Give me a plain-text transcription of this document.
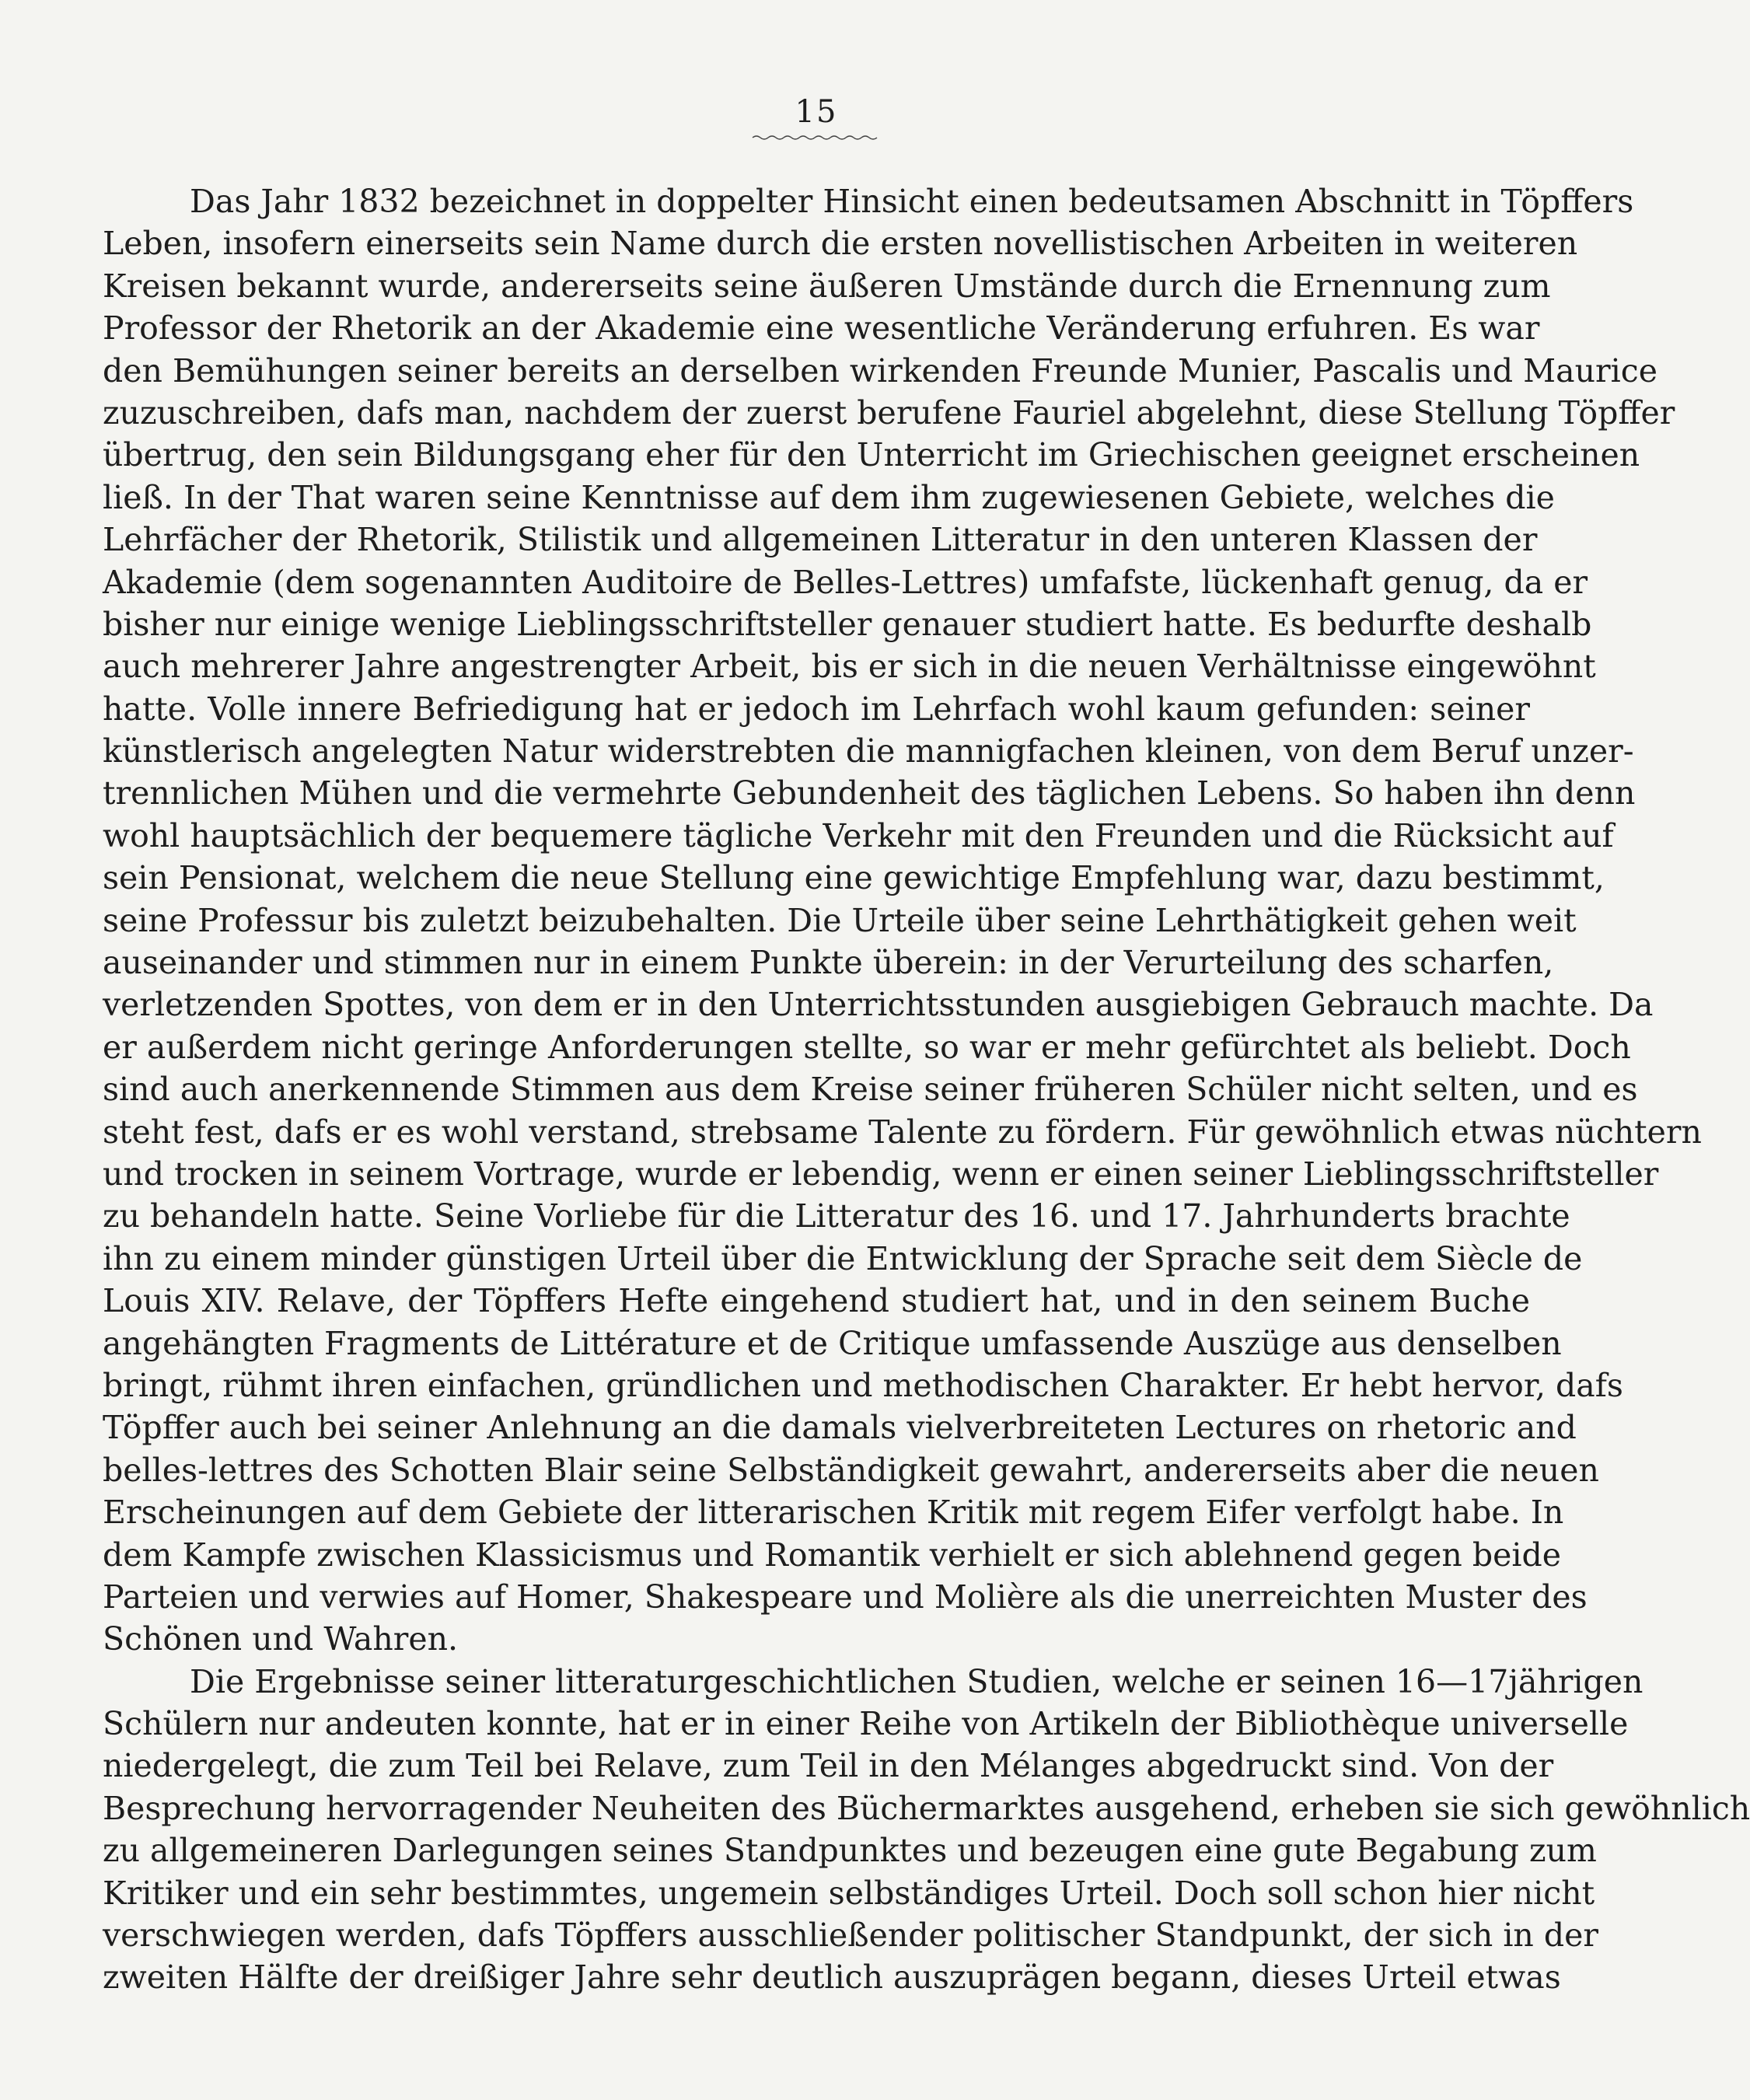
15
Das Jahr 1832 bezeichnet in doppelter Hinsicht einen bedeutsamen Abschnitt in Töpffers
Leben, insofern einerseits sein Name durch die ersten novellistischen Arbeiten in weiteren
Kreisen bekannt wurde, andererseits seine äußeren Umstände durch die Ernennung zum
Professor der Rhetorik an der Akademie eine wesentliche Veränderung erfuhren. Es war
den Bemühungen seiner bereits an derselben wirkenden Freunde Munier, Pascalis und Maurice
zuzuschreiben, dafs man, nachdem der zuerst berufene Fauriel abgelehnt, diese Stellung Töpffer
übertrug, den sein Bildungsgang eher für den Unterricht im Griechischen geeignet erscheinen
ließ. In der That waren seine Kenntnisse auf dem ihm zugewiesenen Gebiete, welches die
Lehrfächer der Rhetorik, Stilistik und allgemeinen Litteratur in den unteren Klassen der
Akademie (dem sogenannten Auditoire de Belles-Lettres) umfafste, lückenhaft genug, da er
bisher nur einige wenige Lieblingsschriftsteller genauer studiert hatte. Es bedurfte deshalb
auch mehrerer Jahre angestrengter Arbeit, bis er sich in die neuen Verhältnisse eingewöhnt
hatte. Volle innere Befriedigung hat er jedoch im Lehrfach wohl kaum gefunden: seiner
künstlerisch angelegten Natur widerstrebten die mannigfachen kleinen, von dem Beruf unzer-
trennlichen Mühen und die vermehrte Gebundenheit des täglichen Lebens. So haben ihn denn
wohl hauptsächlich der bequemere tägliche Verkehr mit den Freunden und die Rücksicht auf
sein Pensionat, welchem die neue Stellung eine gewichtige Empfehlung war, dazu bestimmt,
seine Professur bis zuletzt beizubehalten. Die Urteile über seine Lehrthätigkeit gehen weit
auseinander und stimmen nur in einem Punkte überein: in der Verurteilung des scharfen,
verletzenden Spottes, von dem er in den Unterrichtsstunden ausgiebigen Gebrauch machte. Da
er außerdem nicht geringe Anforderungen stellte, so war er mehr gefürchtet als beliebt. Doch
sind auch anerkennende Stimmen aus dem Kreise seiner früheren Schüler nicht selten, und es
steht fest, dafs er es wohl verstand, strebsame Talente zu fördern. Für gewöhnlich etwas nüchtern
und trocken in seinem Vortrage, wurde er lebendig, wenn er einen seiner Lieblingsschriftsteller
zu behandeln hatte. Seine Vorliebe für die Litteratur des 16. und 17. Jahrhunderts brachte
ihn zu einem minder günstigen Urteil über die Entwicklung der Sprache seit dem Siècle de
Louis XIV. Relave, der Töpffers Hefte eingehend studiert hat, und in den seinem Buche
angehängten Fragments de Littérature et de Critique umfassende Auszüge aus denselben
bringt, rühmt ihren einfachen, gründlichen und methodischen Charakter. Er hebt hervor, dafs
Töpffer auch bei seiner Anlehnung an die damals vielverbreiteten Lectures on rhetoric and
belles-lettres des Schotten Blair seine Selbständigkeit gewahrt, andererseits aber die neuen
Erscheinungen auf dem Gebiete der litterarischen Kritik mit regem Eifer verfolgt habe. In
dem Kampfe zwischen Klassicismus und Romantik verhielt er sich ablehnend gegen beide
Parteien und verwies auf Homer, Shakespeare und Molière als die unerreichten Muster des
Schönen und Wahren.
Die Ergebnisse seiner litteraturgeschichtlichen Studien, welche er seinen 16—17jährigen
Schülern nur andeuten konnte, hat er in einer Reihe von Artikeln der Bibliothèque universelle
niedergelegt, die zum Teil bei Relave, zum Teil in den Mélanges abgedruckt sind. Von der
Besprechung hervorragender Neuheiten des Büchermarktes ausgehend, erheben sie sich gewöhnlich
zu allgemeineren Darlegungen seines Standpunktes und bezeugen eine gute Begabung zum
Kritiker und ein sehr bestimmtes, ungemein selbständiges Urteil. Doch soll schon hier nicht
verschwiegen werden, dafs Töpffers ausschließender politischer Standpunkt, der sich in der
zweiten Hälfte der dreißiger Jahre sehr deutlich auszuprägen begann, dieses Urteil etwas
